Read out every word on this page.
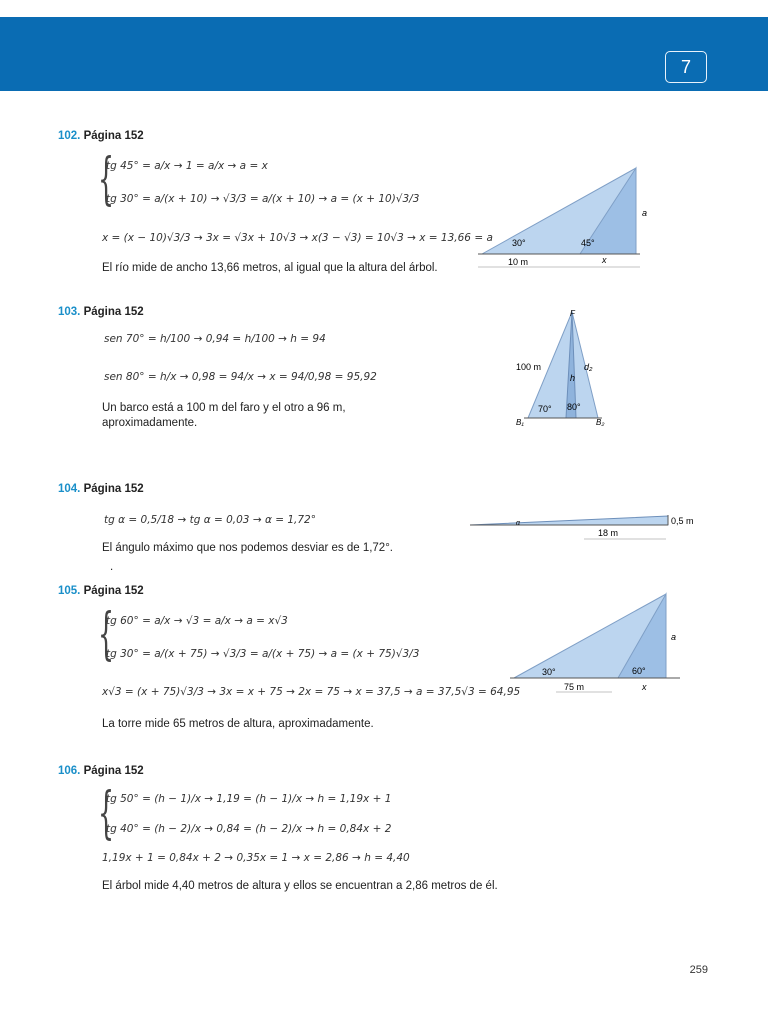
7
102. Página 152
{
tg 45° = a/x → 1 = a/x → a = x
tg 30° = a/(x + 10) → √3/3 = a/(x + 10) → a = (x + 10)√3/3
x = (x − 10)√3/3 → 3x = √3x + 10√3 → x(3 − √3) = 10√3 → x = 13,66 = a
El río mide de ancho 13,66 metros, al igual que la altura del árbol.
30°	45°
a
10 m	x
103. Página 152
sen 70° = h/100 → 0,94 = h/100 → h = 94
sen 80° = h/x → 0,98 = 94/x → x = 94/0,98 = 95,92
Un barco está a 100 m del faro y el otro a 96 m,
aproximadamente.
F
100 m	d₂
h
70° 80°
B₁	B₂
104. Página 152
tg α = 0,5/18 → tg α = 0,03 → α = 1,72°
El ángulo máximo que nos podemos desviar es de 1,72°.
.
α	0,5 m
18 m
105. Página 152
{
tg 60° = a/x → √3 = a/x → a = x√3
tg 30° = a/(x + 75) → √3/3 = a/(x + 75) → a = (x + 75)√3/3
x√3 = (x + 75)√3/3 → 3x = x + 75 → 2x = 75 → x = 37,5 → a = 37,5√3 = 64,95
La torre mide 65 metros de altura, aproximadamente.
30°	60°
a
75 m	x
106. Página 152
{
tg 50° = (h − 1)/x → 1,19 = (h − 1)/x → h = 1,19x + 1
tg 40° = (h − 2)/x → 0,84 = (h − 2)/x → h = 0,84x + 2
1,19x + 1 = 0,84x + 2 → 0,35x = 1 → x = 2,86 → h = 4,40
El árbol mide 4,40 metros de altura y ellos se encuentran a 2,86 metros de él.
259
